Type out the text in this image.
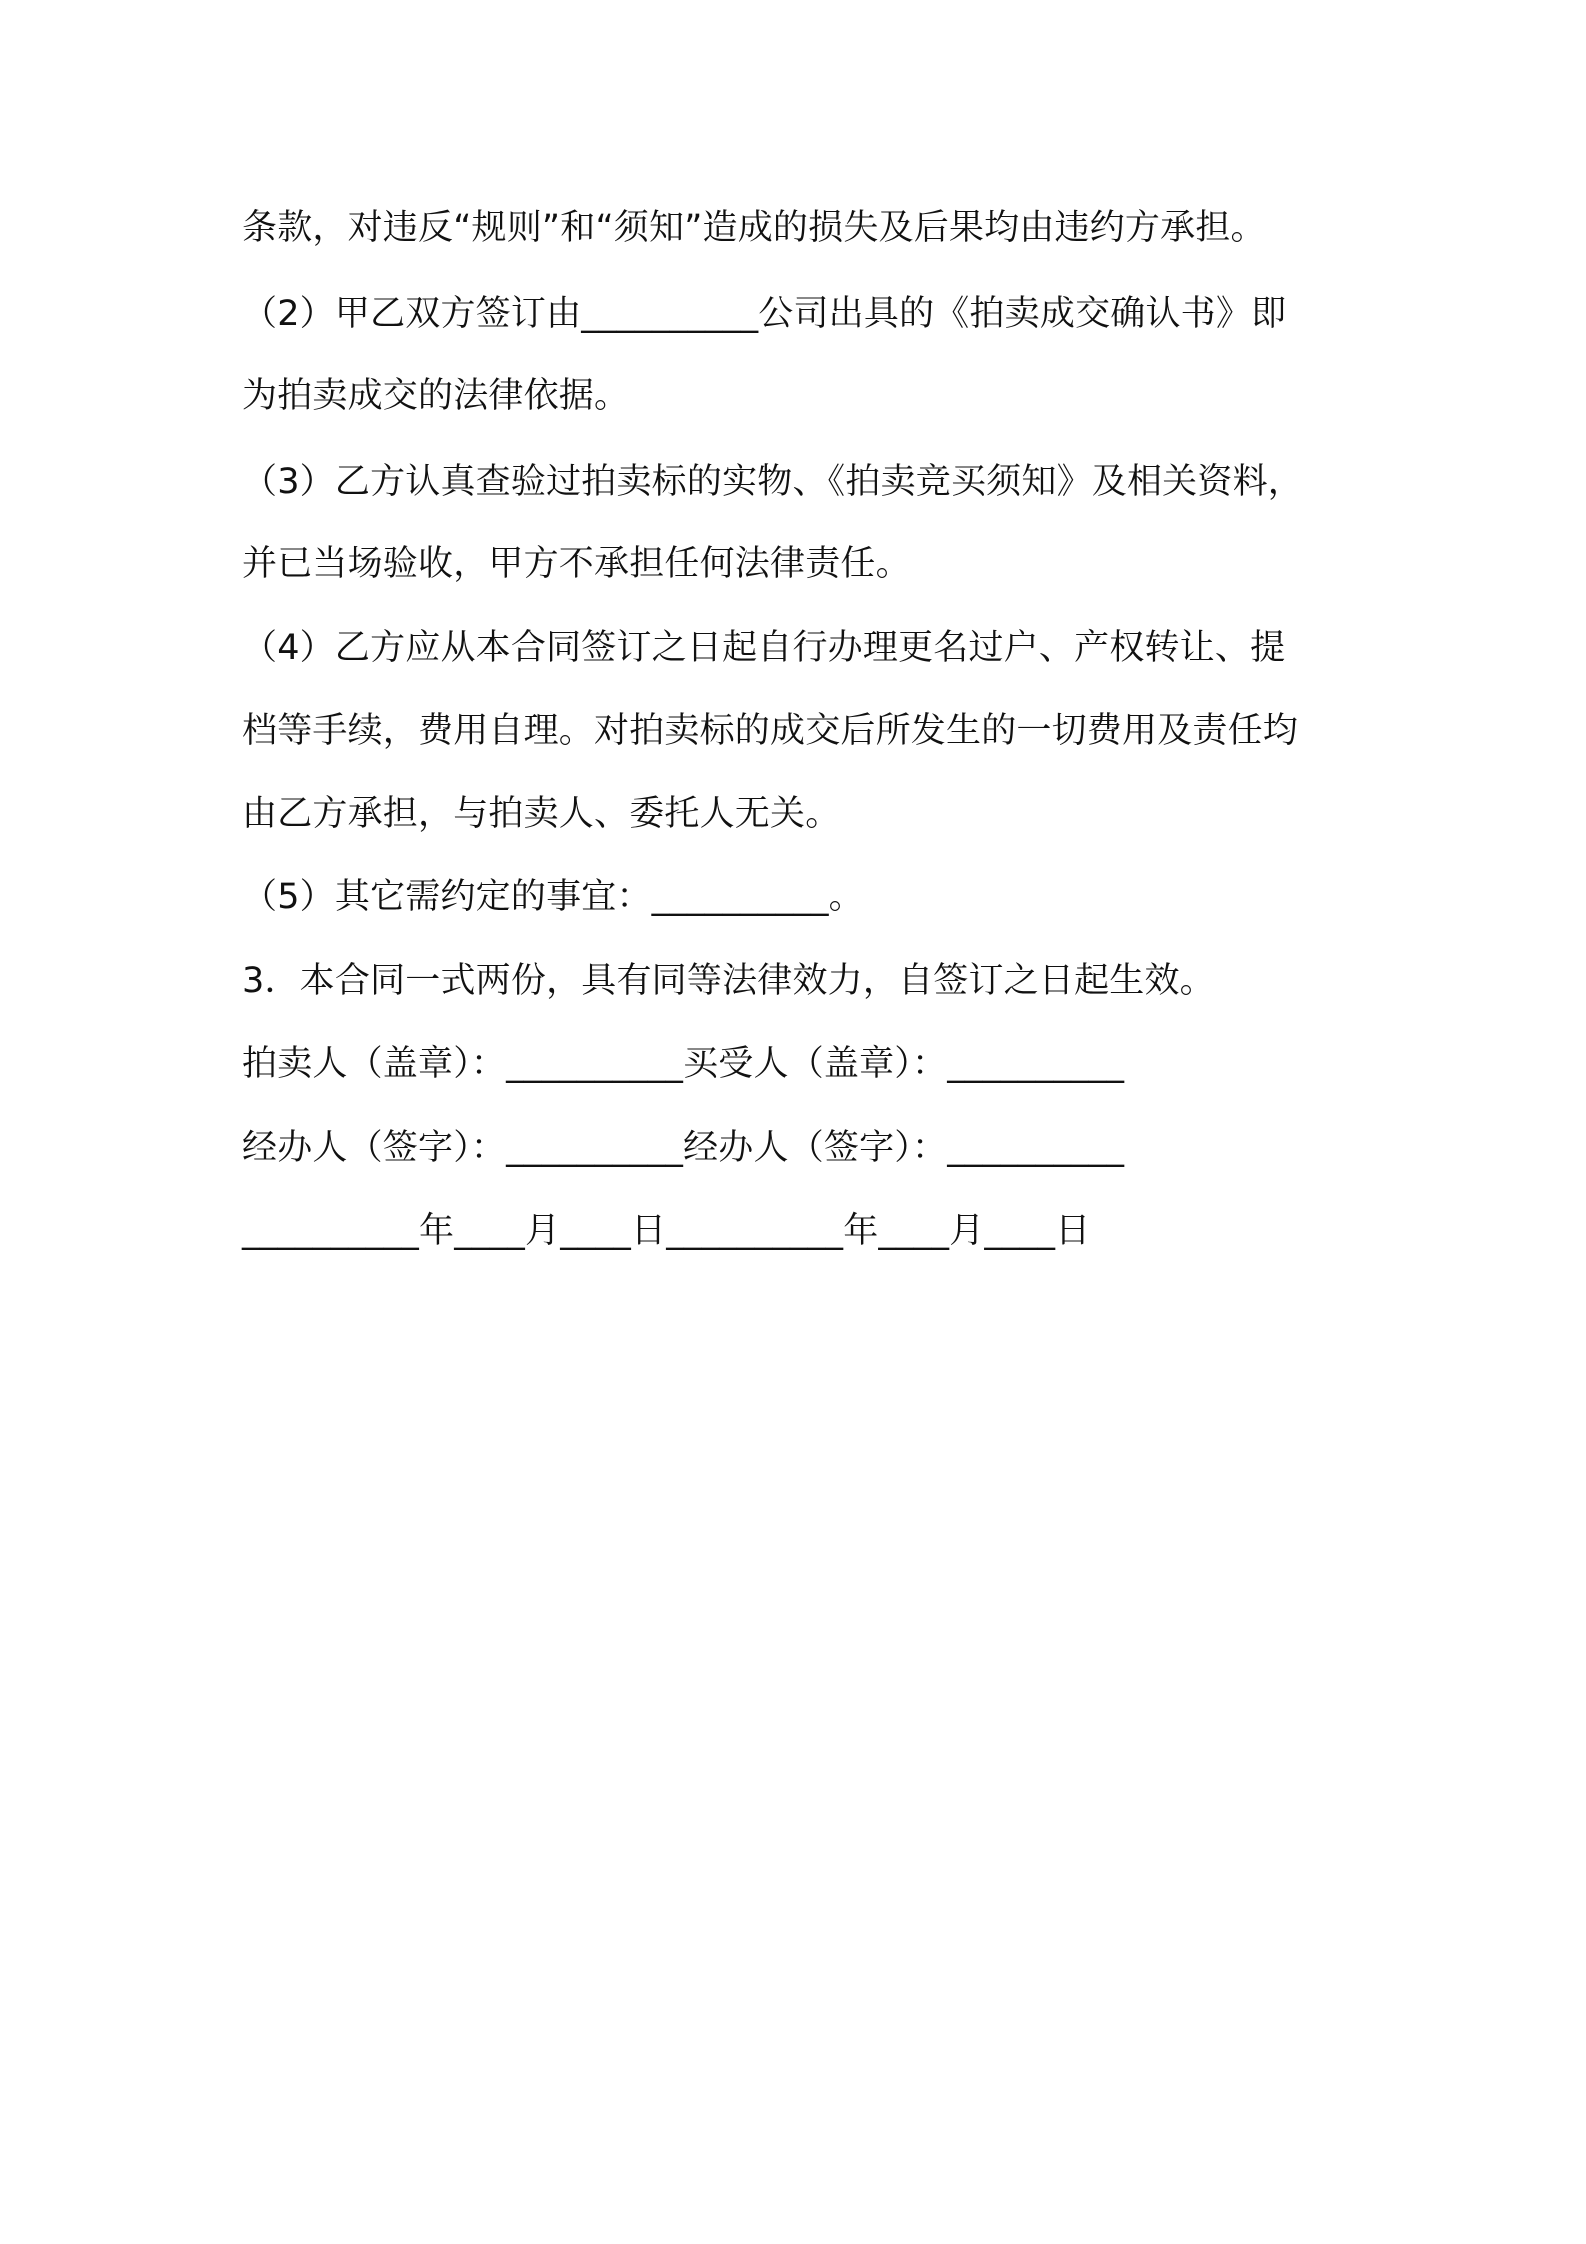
条款，对违反“规则”和“须知”造成的损失及后果均由违约方承担。
（2）甲乙双方签订由__________公司出具的《拍卖成交确认书》即
为拍卖成交的法律依据。
（3）乙方认真查验过拍卖标的实物、《拍卖竞买须知》及相关资料，
并已当场验收，甲方不承担任何法律责任。
（4）乙方应从本合同签订之日起自行办理更名过户、产权转让、提
档等手续，费用自理。对拍卖标的成交后所发生的一切费用及责任均
由乙方承担，与拍卖人、委托人无关。
（5）其它需约定的事宜：__________。
3．本合同一式两份，具有同等法律效力，自签订之日起生效。
拍卖人（盖章）：__________买受人（盖章）：__________
经办人（签字）：__________经办人（签字）：__________
__________年____月____日__________年____月____日
